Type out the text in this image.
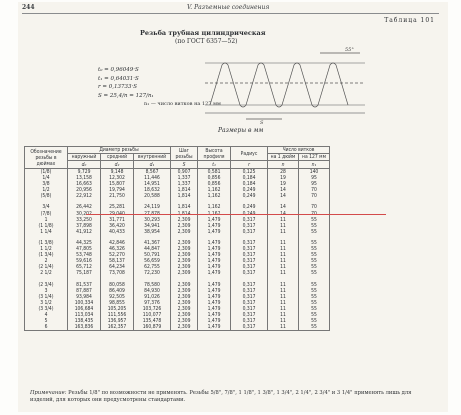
244	V. Разъемные соединения
Таблица 101
Резьба трубная цилиндрическая
(по ГОСТ 6357—52)
t₀ = 0,96049·S
t₁ = 0,64031·S
r = 0,13733·S
S = 25,4/n = 127/n₁
n₁ — число витков на 127 мм
S
55°
Размеры в мм
Обозначение резьбы в дюймах	Диаметр резьбы			Шаг резьбы	Высота профиля	Радиус	Число витков	
	наружный	средний	внутренний				на 1 дюйм	на 127 мм
	d₀	d₂	d₁	S	t₁	r	n	n₁
(1/8)	9,729	9,148	8,567	0,907	0,581	0,125	28	140
1/4	13,158	12,302	11,446	1,337	0,856	0,184	19	95
3/8	16,663	15,807	14,951	1,337	0,856	0,184	19	95
1/2	20,956	19,794	18,632	1,814	1,162	0,249	14	70
(5/8)	22,912	21,750	20,588	1,814	1,162	0,249	14	70

3/4	26,442	25,281	24,119	1,814	1,162	0,249	14	70
(7/8)	30,202	29,040	27,878	1,814	1,162	0,249	14	70
1	33,250	31,771	30,293	2,309	1,479	0,317	11	55
(1 1/8)	37,898	36,420	34,941	2,309	1,479	0,317	11	55
1 1/4	41,912	40,433	38,954	2,309	1,479	0,317	11	55

(1 3/8)	44,325	42,846	41,367	2,309	1,479	0,317	11	55
1 1/2	47,805	46,326	44,847	2,309	1,479	0,317	11	55
(1 3/4)	53,748	52,270	50,791	2,309	1,479	0,317	11	55
2	59,616	58,137	56,659	2,309	1,479	0,317	11	55
(2 1/4)	65,712	64,234	62,755	2,309	1,479	0,317	11	55
2 1/2	75,187	73,708	72,230	2,309	1,479	0,317	11	55

(2 3/4)	81,537	80,058	78,580	2,309	1,479	0,317	11	55
3	87,887	86,409	84,930	2,309	1,479	0,317	11	55
(3 1/4)	93,984	92,505	91,026	2,309	1,479	0,317	11	55
3 1/2	100,334	98,855	97,376	2,309	1,479	0,317	11	55
(3 3/4)	106,684	105,205	103,726	2,309	1,479	0,317	11	55
4	113,034	111,556	110,077	2,309	1,479	0,317	11	55
5	138,435	136,957	135,478	2,309	1,479	0,317	11	55
6	163,836	162,357	160,879	2,309	1,479	0,317	11	55
Примечание: Резьбы 1/8" по возможности не применять. Резьбы 5/8", 7/8", 1 1/8", 1 3/8", 1 3/4", 2 1/4", 2 3/4" и 3 1/4" применять лишь для изделий, для которых они предусмотрены стандартами.
